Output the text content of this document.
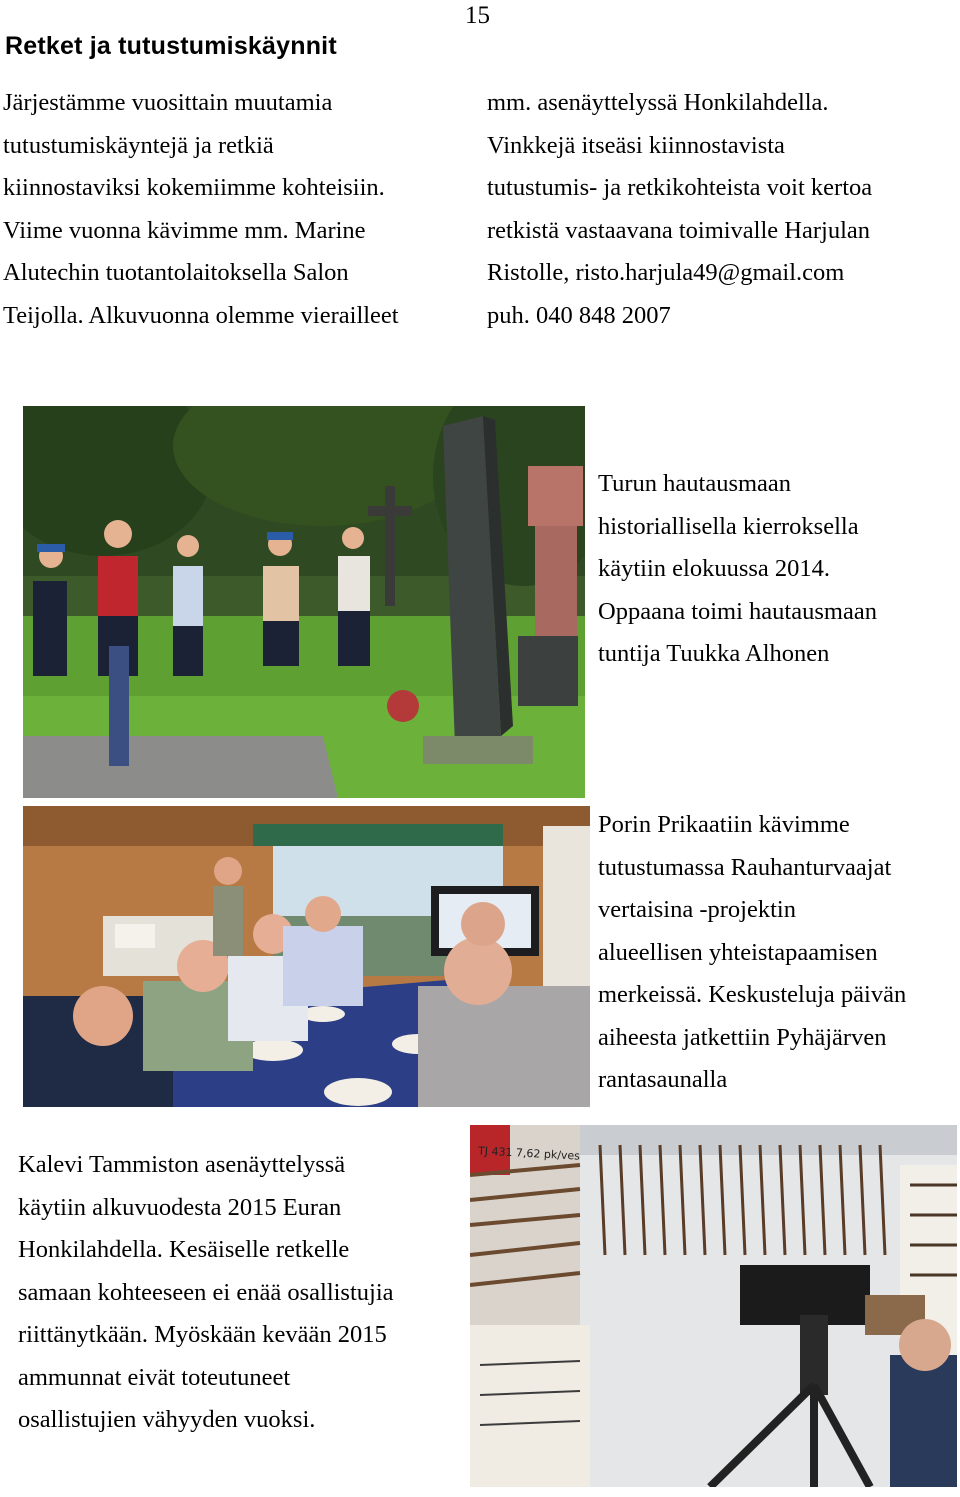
15
Retket ja tutustumiskäynnit
Järjestämme vuosittain muutamia
tutustumiskäyntejä ja retkiä
kiinnostaviksi kokemiimme kohteisiin.
Viime vuonna kävimme mm. Marine
Alutechin tuotantolaitoksella Salon
Teijolla. Alkuvuonna olemme vierailleet
mm. asenäyttelyssä Honkilahdella.
Vinkkejä itseäsi kiinnostavista
tutustumis- ja retkikohteista voit kertoa
retkistä vastaavana toimivalle Harjulan
Ristolle, risto.harjula49@gmail.com
puh. 040 848 2007
Turun hautausmaan
historiallisella kierroksella
käytiin elokuussa 2014.
Oppaana toimi hautausmaan
tuntija Tuukka Alhonen
Porin Prikaatiin kävimme
tutustumassa Rauhanturvaajat
vertaisina -projektin
alueellisen yhteistapaamisen
merkeissä. Keskusteluja päivän
aiheesta jatkettiin Pyhäjärven
rantasaunalla
Kalevi Tammiston asenäyttelyssä
käytiin alkuvuodesta 2015 Euran
Honkilahdella. Kesäiselle retkelle
samaan kohteeseen ei enää osallistujia
riittänytkään. Myöskään kevään 2015
ammunnat eivät toteutuneet
osallistujien vähyyden vuoksi.
TJ 431 7,62 pk/ves
